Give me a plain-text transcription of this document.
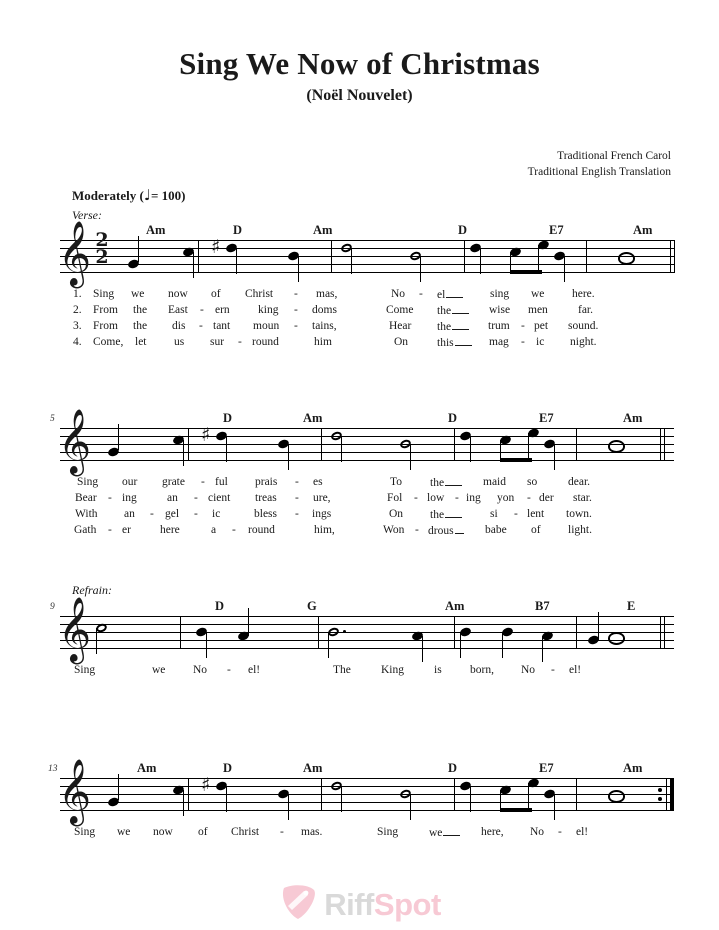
Sing We Now of Christmas
(Noël Nouvelet)
Traditional French Carol
Traditional English Translation
Moderately (♩= 100)
Verse:
𝄞 2
2	♯
Am	D	Am	D	E7	Am
1. Sing we now of Christ - mas,	No - el	sing we here.
2. From the East - ern king - doms	Come the	wise men	far.
3. From the dis - tant moun - tains,	Hear the	trum - pet sound.
4. Come, let us sur - round	him	On	this	mag - ic night.
5 𝄞	♯
D	Am	D	E7	Am
Sing our grate - ful prais - es	To the	maid so	dear.
Bear - ing	an - cient treas - ure,	Fol - low - ing yon - der star.
With an - gel - ic	bless - ings	On the	si - lent town.
Gath - er	here	a - round	him,	Won - drous	babe of light.
Refrain:
9 𝄞	D	G	Am	B7	E
Sing	we No - el!	The	King	is born, No - el!
13 𝄞	♯
Am	D	Am	D	E7	Am
Sing we now of Christ - mas.	Sing	we	here, No - el!
RiffSpot
